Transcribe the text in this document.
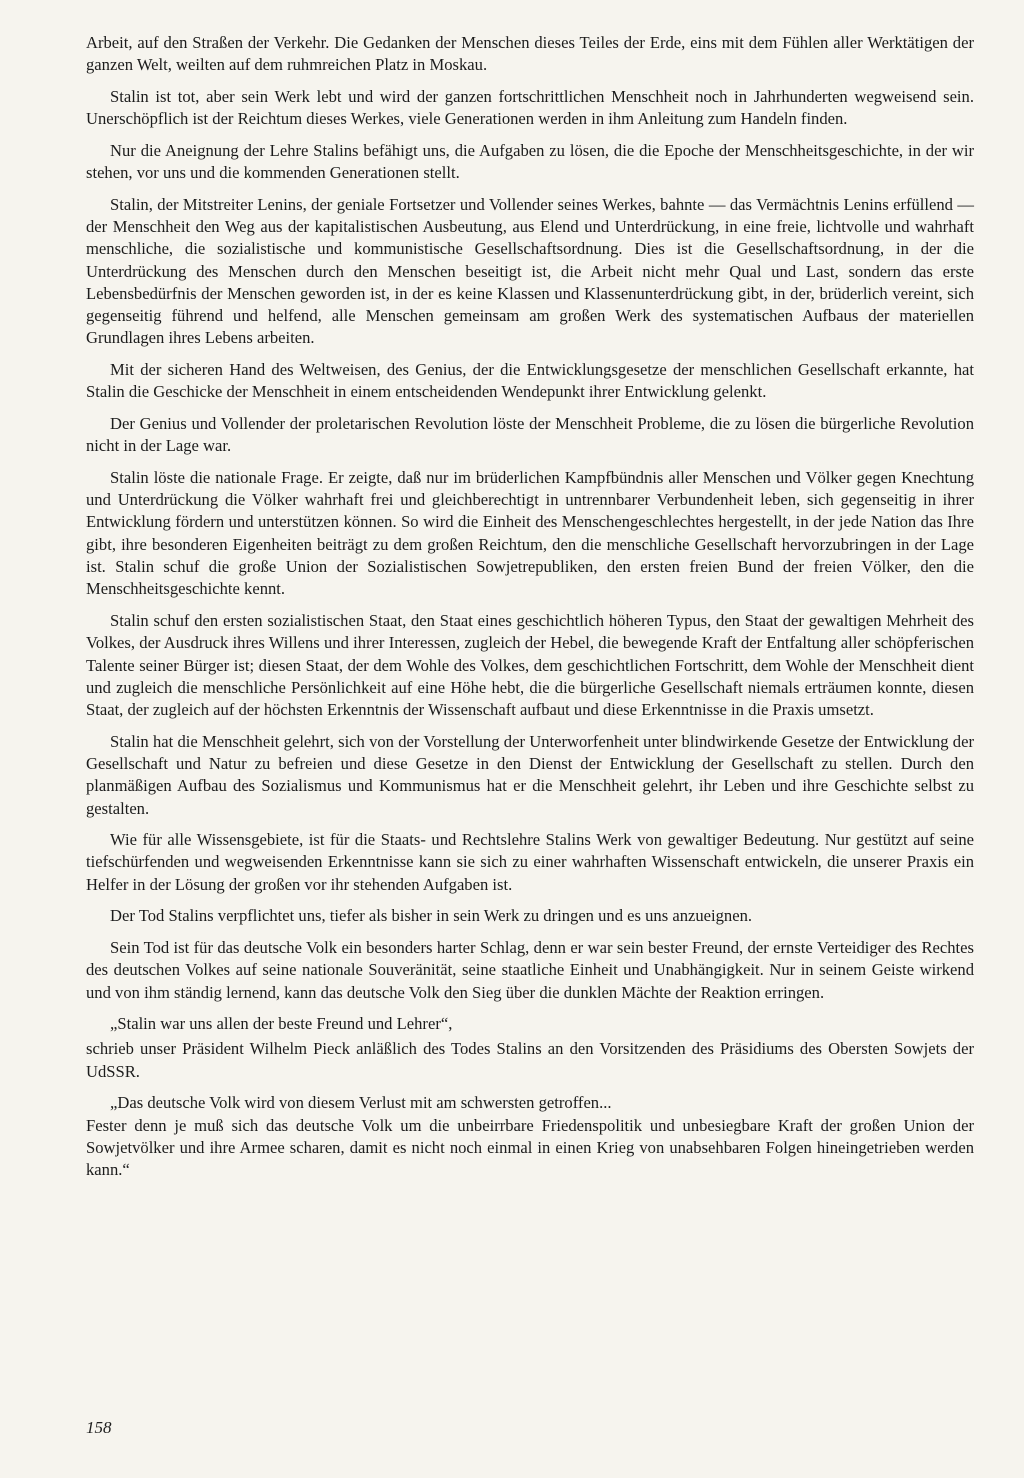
Arbeit, auf den Straßen der Verkehr. Die Gedanken der Menschen dieses Teiles der Erde, eins mit dem Fühlen aller Werktätigen der ganzen Welt, weilten auf dem ruhmreichen Platz in Moskau.

Stalin ist tot, aber sein Werk lebt und wird der ganzen fortschrittlichen Menschheit noch in Jahrhunderten wegweisend sein. Unerschöpflich ist der Reichtum dieses Werkes, viele Generationen werden in ihm Anleitung zum Handeln finden.

Nur die Aneignung der Lehre Stalins befähigt uns, die Aufgaben zu lösen, die die Epoche der Menschheitsgeschichte, in der wir stehen, vor uns und die kommenden Generationen stellt.

Stalin, der Mitstreiter Lenins, der geniale Fortsetzer und Vollender seines Werkes, bahnte — das Vermächtnis Lenins erfüllend — der Menschheit den Weg aus der kapitalistischen Ausbeutung, aus Elend und Unterdrückung, in eine freie, lichtvolle und wahrhaft menschliche, die sozialistische und kommunistische Gesellschaftsordnung. Dies ist die Gesellschaftsordnung, in der die Unterdrückung des Menschen durch den Menschen beseitigt ist, die Arbeit nicht mehr Qual und Last, sondern das erste Lebensbedürfnis der Menschen geworden ist, in der es keine Klassen und Klassenunterdrückung gibt, in der, brüderlich vereint, sich gegenseitig führend und helfend, alle Menschen gemeinsam am großen Werk des systematischen Aufbaus der materiellen Grundlagen ihres Lebens arbeiten.

Mit der sicheren Hand des Weltweisen, des Genius, der die Entwicklungsgesetze der menschlichen Gesellschaft erkannte, hat Stalin die Geschicke der Menschheit in einem entscheidenden Wendepunkt ihrer Entwicklung gelenkt.

Der Genius und Vollender der proletarischen Revolution löste der Menschheit Probleme, die zu lösen die bürgerliche Revolution nicht in der Lage war.

Stalin löste die nationale Frage. Er zeigte, daß nur im brüderlichen Kampfbündnis aller Menschen und Völker gegen Knechtung und Unterdrückung die Völker wahrhaft frei und gleichberechtigt in untrennbarer Verbundenheit leben, sich gegenseitig in ihrer Entwicklung fördern und unterstützen können. So wird die Einheit des Menschengeschlechtes hergestellt, in der jede Nation das Ihre gibt, ihre besonderen Eigenheiten beiträgt zu dem großen Reichtum, den die menschliche Gesellschaft hervorzubringen in der Lage ist. Stalin schuf die große Union der Sozialistischen Sowjetrepubliken, den ersten freien Bund der freien Völker, den die Menschheitsgeschichte kennt.

Stalin schuf den ersten sozialistischen Staat, den Staat eines geschichtlich höheren Typus, den Staat der gewaltigen Mehrheit des Volkes, der Ausdruck ihres Willens und ihrer Interessen, zugleich der Hebel, die bewegende Kraft der Entfaltung aller schöpferischen Talente seiner Bürger ist; diesen Staat, der dem Wohle des Volkes, dem geschichtlichen Fortschritt, dem Wohle der Menschheit dient und zugleich die menschliche Persönlichkeit auf eine Höhe hebt, die die bürgerliche Gesellschaft niemals erträumen konnte, diesen Staat, der zugleich auf der höchsten Erkenntnis der Wissenschaft aufbaut und diese Erkenntnisse in die Praxis umsetzt.

Stalin hat die Menschheit gelehrt, sich von der Vorstellung der Unterworfenheit unter blindwirkende Gesetze der Entwicklung der Gesellschaft und Natur zu befreien und diese Gesetze in den Dienst der Entwicklung der Gesellschaft zu stellen. Durch den planmäßigen Aufbau des Sozialismus und Kommunismus hat er die Menschheit gelehrt, ihr Leben und ihre Geschichte selbst zu gestalten.

Wie für alle Wissensgebiete, ist für die Staats- und Rechtslehre Stalins Werk von gewaltiger Bedeutung. Nur gestützt auf seine tiefschürfenden und wegweisenden Erkenntnisse kann sie sich zu einer wahrhaften Wissenschaft entwickeln, die unserer Praxis ein Helfer in der Lösung der großen vor ihr stehenden Aufgaben ist.

Der Tod Stalins verpflichtet uns, tiefer als bisher in sein Werk zu dringen und es uns anzueignen.

Sein Tod ist für das deutsche Volk ein besonders harter Schlag, denn er war sein bester Freund, der ernste Verteidiger des Rechtes des deutschen Volkes auf seine nationale Souveränität, seine staatliche Einheit und Unabhängigkeit. Nur in seinem Geiste wirkend und von ihm ständig lernend, kann das deutsche Volk den Sieg über die dunklen Mächte der Reaktion erringen.

„Stalin war uns allen der beste Freund und Lehrer“,

schrieb unser Präsident Wilhelm Pieck anläßlich des Todes Stalins an den Vorsitzenden des Präsidiums des Obersten Sowjets der UdSSR.

„Das deutsche Volk wird von diesem Verlust mit am schwersten getroffen...

Fester denn je muß sich das deutsche Volk um die unbeirrbare Friedenspolitik und unbesiegbare Kraft der großen Union der Sowjetvölker und ihre Armee scharen, damit es nicht noch einmal in einen Krieg von unabsehbaren Folgen hineingetrieben werden kann.“

158
